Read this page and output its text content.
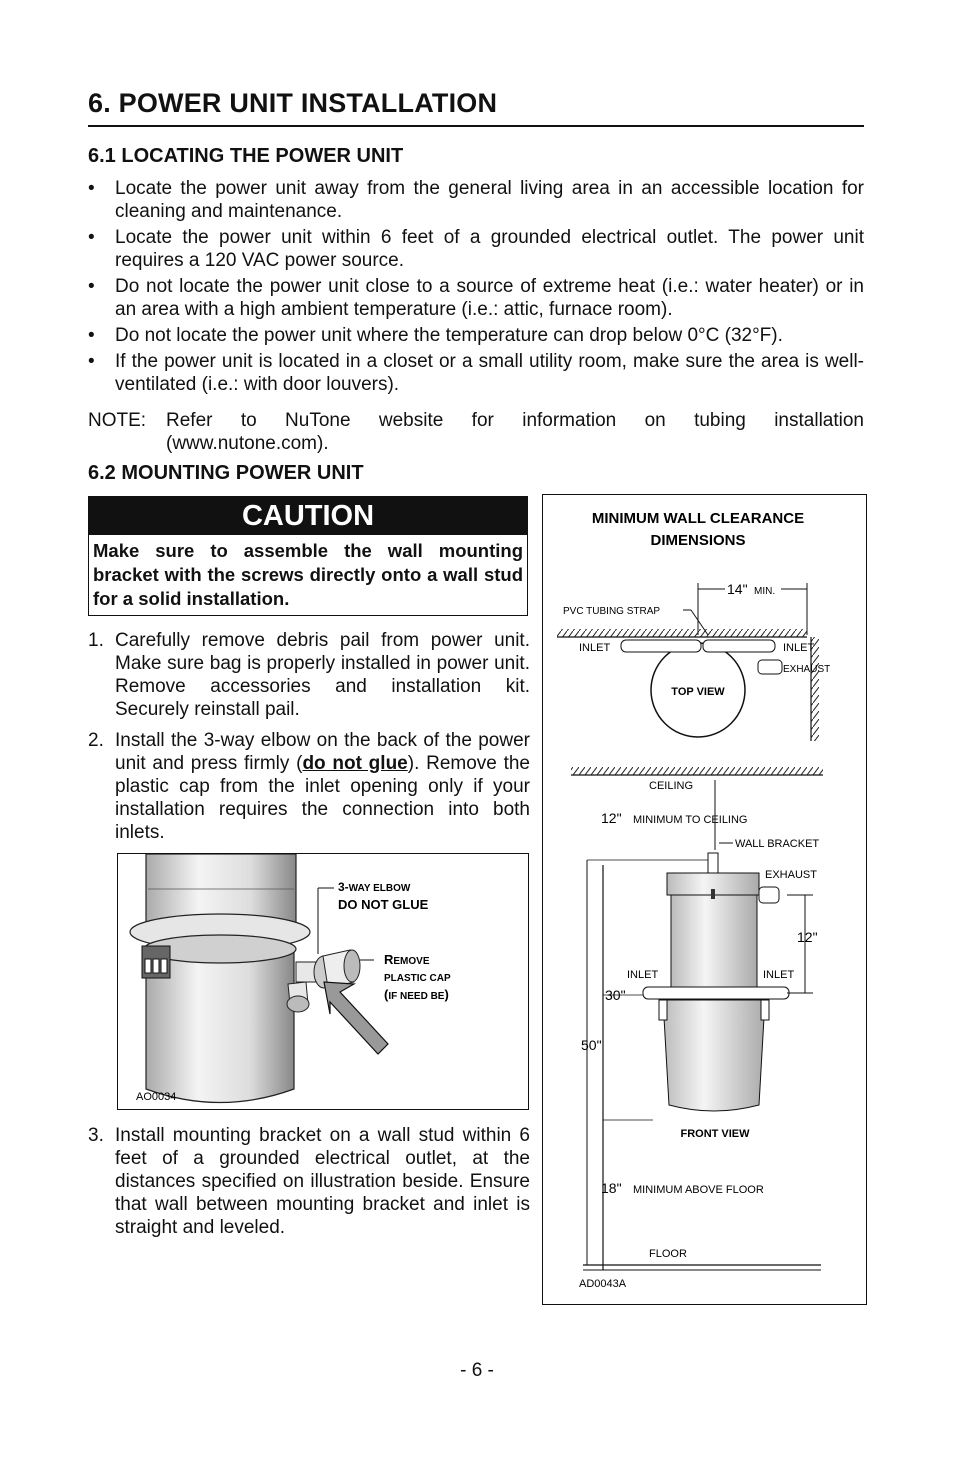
6. POWER UNIT INSTALLATION
6.1 LOCATING THE POWER UNIT
• Locate the power unit away from the general living area in an accessible location for cleaning and maintenance.
• Locate the power unit within 6 feet of a grounded electrical outlet. The power unit requires a 120 VAC power source.
• Do not locate the power unit close to a source of extreme heat (i.e.: water heater) or in an area with a high ambient temperature (i.e.: attic, furnace room).
• Do not locate the power unit where the temperature can drop below 0°C (32°F).
• If the power unit is located in a closet or a small utility room, make sure the area is well-ventilated (i.e.: with door louvers).
NOTE: Refer to NuTone website for information on tubing installation
(www.nutone.com).
6.2 MOUNTING POWER UNIT
CAUTION
Make sure to assemble the wall mounting bracket with the screws directly onto a wall stud for a solid installation.
1. Carefully remove debris pail from power unit. Make sure bag is properly installed in power unit. Remove accessories and installation kit. Securely reinstall pail.
2. Install the 3-way elbow on the back of the power unit and press firmly (do not glue). Remove the plastic cap from the inlet opening only if your installation requires the connection into both inlets.
3-WAY ELBOW
DO NOT GLUE
REMOVE
PLASTIC CAP
(IF NEED BE)
AO0034
3. Install mounting bracket on a wall stud within 6 feet of a grounded electrical outlet, at the distances specified on illustration beside. Ensure that wall between mounting bracket and inlet is straight and leveled.
MINIMUM WALL CLEARANCE
DIMENSIONS
14" MIN.
PVC TUBING STRAP
INLET	INLET
EXHAUST
TOP VIEW
CEILING
12" MINIMUM TO CEILING
30"
50"
WALL BRACKET
EXHAUST
INLET	INLET
12"
FRONT VIEW
18" MINIMUM ABOVE FLOOR
FLOOR
AD0043A
- 6 -
